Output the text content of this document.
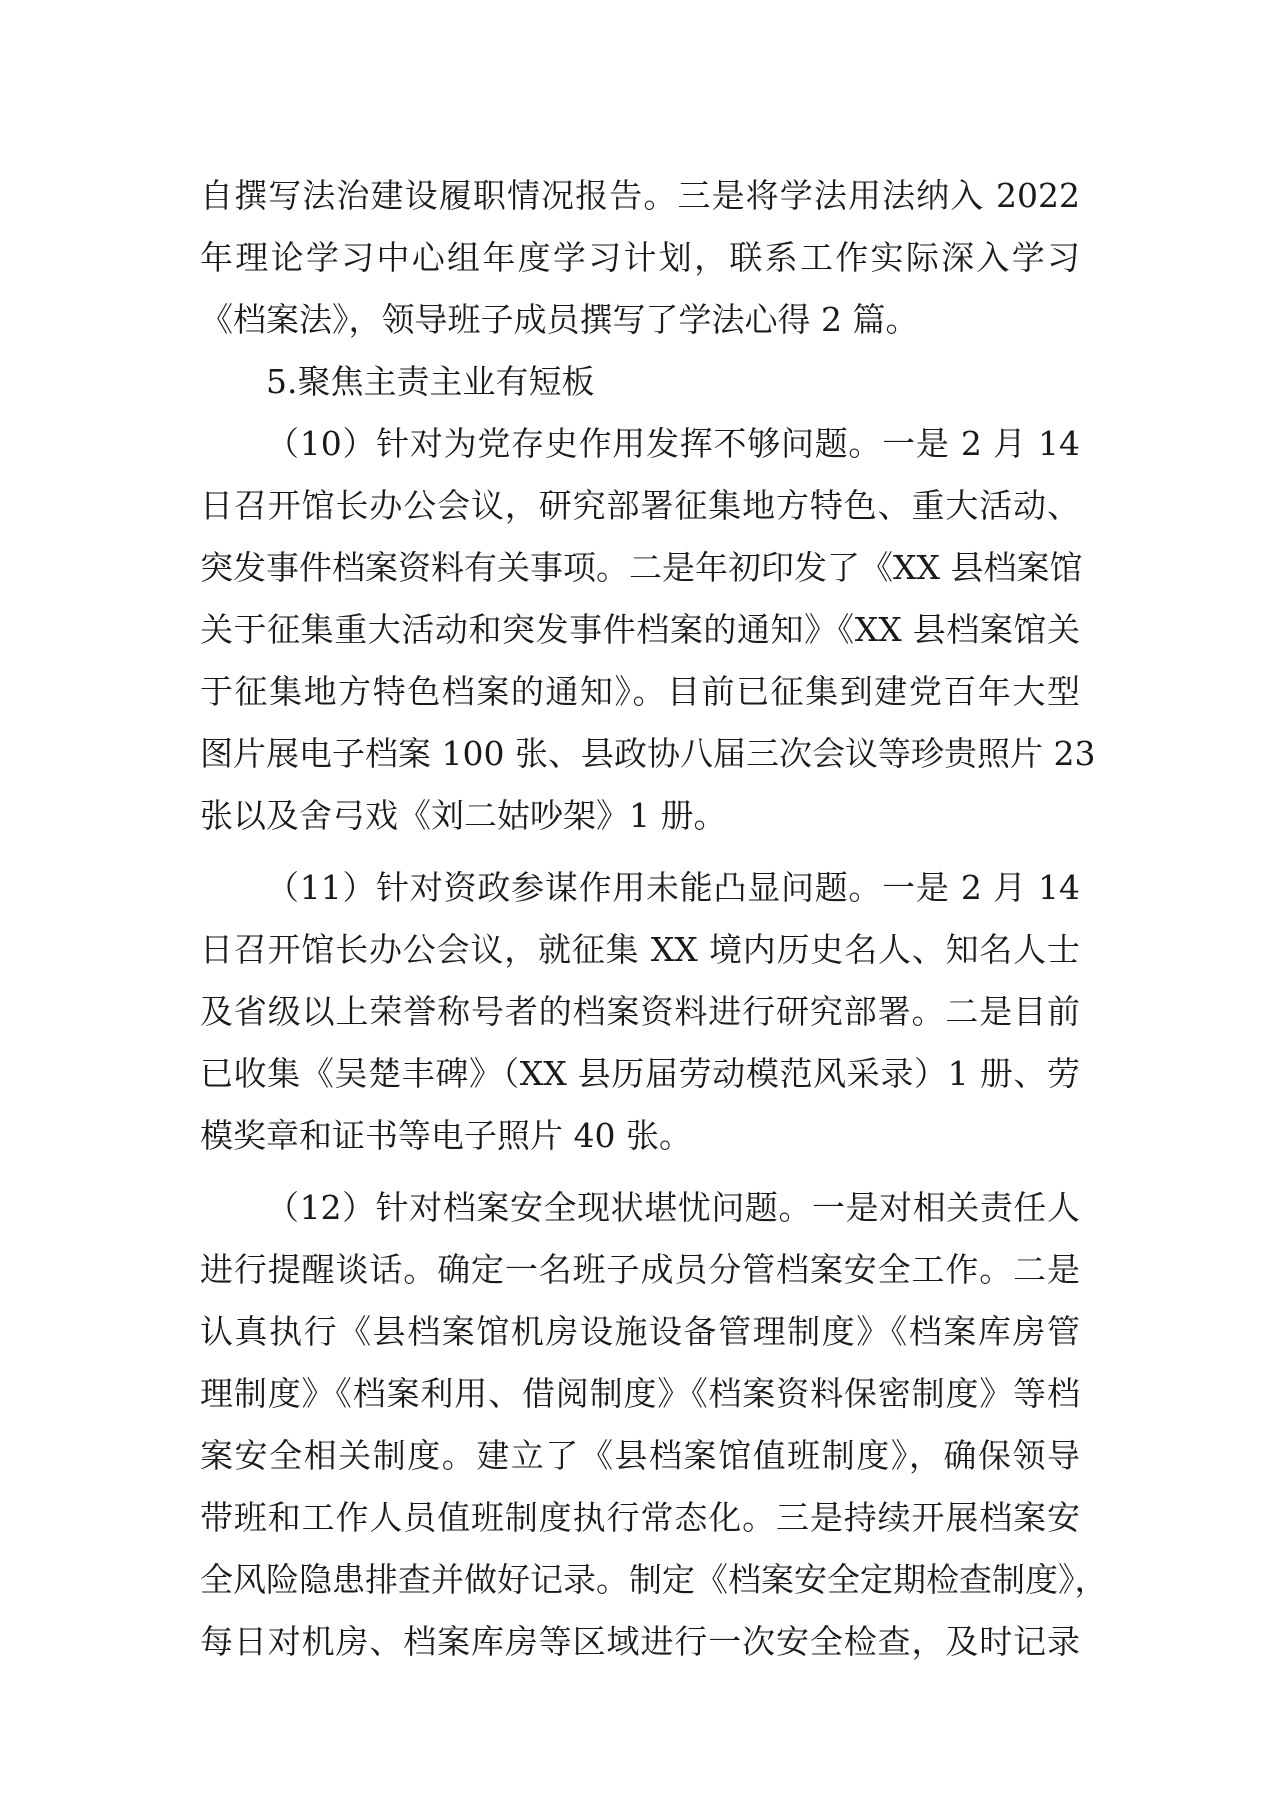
自撰写法治建设履职情况报告。三是将学法用法纳入 2022
年理论学习中心组年度学习计划，联系工作实际深入学习
《档案法》，领导班子成员撰写了学法心得 2 篇。
5.聚焦主责主业有短板
（10）针对为党存史作用发挥不够问题。一是 2 月 14
日召开馆长办公会议，研究部署征集地方特色、重大活动、
突发事件档案资料有关事项。二是年初印发了《XX 县档案馆
关于征集重大活动和突发事件档案的通知》《XX 县档案馆关
于征集地方特色档案的通知》。目前已征集到建党百年大型
图片展电子档案 100 张、县政协八届三次会议等珍贵照片 23
张以及舍弓戏《刘二姑吵架》1 册。
（11）针对资政参谋作用未能凸显问题。一是 2 月 14
日召开馆长办公会议，就征集 XX 境内历史名人、知名人士
及省级以上荣誉称号者的档案资料进行研究部署。二是目前
已收集《吴楚丰碑》（XX 县历届劳动模范风采录）1 册、劳
模奖章和证书等电子照片 40 张。
（12）针对档案安全现状堪忧问题。一是对相关责任人
进行提醒谈话。确定一名班子成员分管档案安全工作。二是
认真执行《县档案馆机房设施设备管理制度》《档案库房管
理制度》《档案利用、借阅制度》《档案资料保密制度》等档
案安全相关制度。建立了《县档案馆值班制度》，确保领导
带班和工作人员值班制度执行常态化。三是持续开展档案安
全风险隐患排查并做好记录。制定《档案安全定期检查制度》，
每日对机房、档案库房等区域进行一次安全检查，及时记录
